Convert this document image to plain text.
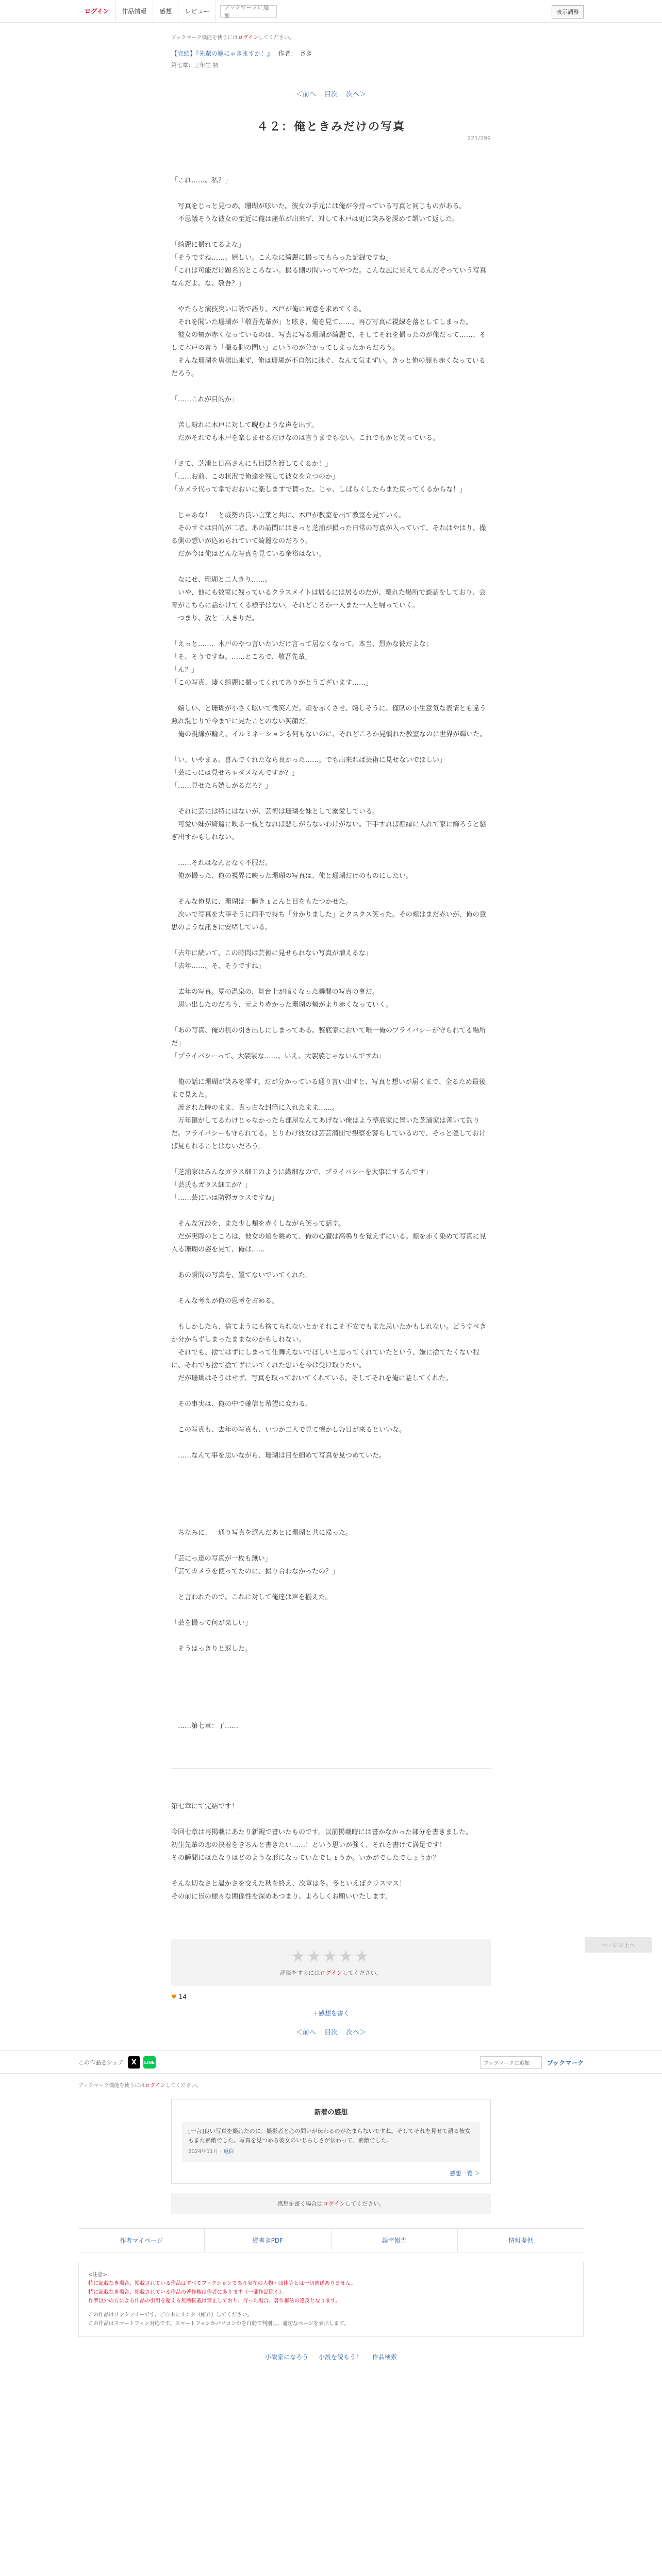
ログイン	作品情報	感想	レビュー
ブックマークに追加
表示調整
ブックマーク機能を使うにはログインしてください。
【完結】『先輩の嫁にゃきますか！』 作者：　さき
第七章：三年生 初
＜前へ 目次 次へ＞
221/299
４２：俺ときみだけの写真

「これ……、私？」

　写真をじっと見つめ、珊瑚が呟いた。彼女の手元には俺が今持っている写真と同じものがある。

　不思議そうな彼女の至近に俺は座革が出来ず、対して木戸は更に笑みを深めて頷いて返した。

「綺麗に撮れてるよな」

「そうですね……。嬉しい。こんなに綺麗に撮ってもらった記録ですね」

「これは可能だけ題名的ところない。撮る側の問いってやつだ。こんな風に見えてるんだぞっていう写真なんだよ。な、敬吾？」

　やたらと演技臭い口調で語り、木戸が俺に同意を求めてくる。

　それを聞いた珊瑚が「敬吾先輩が」と呟き、俺を見て……、再び写真に視線を落としてしまった。

　彼女の頬が赤くなっているのは、写真に写る珊瑚が綺麗で、そしてそれを撮ったのが俺だって……、そして木戸の言う「撮る側の問い」というのが分かってしまったからだろう。

　そんな珊瑚を唐揚出来ず、俺は珊瑚が不自然に泳ぐ、なんて気まずい。きっと俺の顔も赤くなっているだろう。

「……これが目的か」

　苦し紛れに木戸に対して睨むような声を出す。

　だがそれでも木戸を楽しませるだけなのは言うまでもない。これでもかと笑っている。

「さて、芝浦と日高さんにも目隠を渡してくるか！」

「……お前、この状況で俺達を残して彼女を立つのか」

「カメラ代って掌でおおいに楽しますで貰った。じゃ、しばらくしたらまた戻ってくるからな！」

　じゃあな！　と威勢の良い言葉と共に、木戸が教室を出て教室を見ていく。

　そのすぐは目的が二者、あの訪問にはきっと芝浦が撮った日常の写真が入っていて、それはやはり、撮る側の想いが込められていて綺麗なのだろう。

　だが今は俺はどんな写真を見ている余裕はない。

　なにせ、珊瑚と二人きり……。

　いや、他にも数室に残っているクラスメイトは居るには居るのだが、離れた場所で談話をしており、会育がこちらに話かけてくる様子はない。それどころか一人また一人と帰っていく。

　つまり、放と二人きりだ。

「えっと……、木戸のやつ言いたいだけ言って居なくなって。本当、烈かな彼だよな」

「そ、そうですね。……ところで、敬吾先輩」

「ん？」

「この写真、凄く綺麗に撮ってくれてありがとうございます……」

　嬉しい、と珊瑚が小さく呟いて微笑んだ。頬を赤くさせ、嬉しそうに、僅臥の小生意気な表情とも違う照れ混じりで今までに見たことのない笑顔だ。

　俺の視線が輪え、イルミネーションも何もないのに、それどころか見慣れた教室なのに世界が輝いた。

「い、いやまぁ。喜んでくれたなら良かった……。でも出来れば芸術に見せないでほしい」

「芸にっには見せちゃダメなんですか？」

「……見せたら嬉しがるだろ？」

　それに芸には特にはないが、芸術は珊瑚を妹として溺愛している。

　可愛い妹が綺麗に映る一枚となれば悲しがらないわけがない。下手すれば額縁に入れて家に飾ろうと騒ぎ出すかもしれない。

　……それはなんとなく不服だ。

　俺が撮った、俺の視界に映った珊瑚の写真は、俺と珊瑚だけのものにしたい。

　そんな俺見に、珊瑚は一瞬きょとんと目をもたつかせた。

　次いで写真を大事そうに両手で持ち「分かりました」とクスクス笑った。その頬はまだ赤いが、俺の意思のような訊きに安堵している。

「去年に続いて、この時間は芸術に見せられない写真が増えるな」

「去年……、そ、そうですね」

　去年の写真。夏の温泉の、舞台上が暗くなった瞬間の写真の事だ。

　思い出したのだろう、元より赤かった珊瑚の頬がより赤くなっていく。

「あの写真、俺の机の引き出しにしまってある。整底家において唯一俺のプライバシーが守られてる場所だ」

「プライバシーって、大袈裟な……。いえ、大袈裟じゃないんですね」

　俺の話に珊瑚が笑みを零す。だが分かっている通り言い出すと、写真と想いが届くまで、全るため最後まで見えた。

　渡された時のまま、真っ白な封筒に入れたまま……。

　万年鍵がしてるわけじゃなかったら部屋なんてあげない俺はよう整底家に置いた芝浦家は善いて釣りだ。プライバシーも守られてる。とりわけ彼女は芸芸満開で観察を警らしているので、そっと隠しておけば見られることはないだろう。

「芝浦家はみんなガラス細工のように繊細なので、プライバシーを大事にするんです」

「芸氏もガラス細工か？」

「……芸にいは防弾ガラスですね」

　そんな冗談を、また少し頬を赤くしながら笑って話す。

　だが実際のところは、彼女の頬を眺めて、俺の心臓は高鳴りを覚えずにいる。頬を赤く染めて写真に見入る珊瑚の姿を見て、俺は……

　あの瞬間の写真を、置てないでいてくれた。

　そんな考えが俺の思考を占める。

　もしかしたら、捨てようにも捨てられないとかそれこそ不安でもまた思いたかもしれない。どうすべきか分からずしまったままなのかもしれない。

　それでも、捨てはずにしまって仕舞えないでほしいと思ってくれていたという、嫌に捨てたくない程に、それでも捨て捨てずにいてくれた想いを今は受け取りたい。

　だが珊瑚はそうはせず、写真を取っておいてくれている。そしてそれを俺に話してくれた。

　その事実は、俺の中で確信と希望に変わる。

　この写真も、去年の写真も、いつか二人で見て懐かしむ日が来るといいな。

　……なんて事を思いながら、珊瑚は目を細めて写真を見つめていた。

　ちなみに、一通り写真を選んだあとに珊瑚と共に帰った。

「芸にっ達の写真が一枚も無い」

「芸てカメラを使ってたのに、撮り合わなかったの？」

　と言われたので、これに対して俺達は声を揃えた。

「芸を撮って何が楽しい」

　そうはっきりと返した。

　……第七章：了……

第七章にて完結です！

今回七章は再掲載にあたり新規で書いたものです。以前掲載時には書かなかった部分を書きました。

初生先輩の恋の決着をきちんと書きたい……！という思いが強く、それを書けて満足です！

その瞬間にはたなりはどのような形になっていたでしょうか。いかがでしたでしょうか？

そんな切なさと温かさを交えた秋を終え、次章は冬。冬といえばクリスマス！

その前に皆の様々な関係性を深めあつまり、よろしくお願いいたします。

★★★★★
評価をするにはログインしてください。
♥ 14
＋感想を書く
＜前へ 目次 次へ＞
この作品をシェア	X	LINE	ブックマークに追加	ブックマーク
ブックマーク機能を使うにはログインしてください。
新着の感想
[一言]良い写真を撮れたのに。撮影者と心の問いが伝わるのがたまらないですね。そしてそれを見せて語る彼女もまた素敵でした。写真を見つめる彼女のいじらしさが伝わって、素敵でした。
2024年11月 · 返信
感想一覧 ＞
感想を書く場合はログインしてください。
作者マイページ	縦書きPDF	誤字報告	情報提供
<注意>
特に記載なき場合、掲載されている作品はすべてフィクションであり実在の人物・団体等とは一切関係ありません。
特に記載なき場合、掲載されている作品の著作権は作者にあります（一部作品除く）。
作者以外の方による作品の引用を超える無断転載は禁止しており、行った場合、著作権法の違反となります。
この作品はリンクフリーです。ご自由にリンク（紹介）してください。
この作品はスマートフォン対応です。スマートフォンかパソコンかを自動で判別し、適切なページを表示します。
小説家になろう 小説を読もう！ 作品検索
ページの上へ
